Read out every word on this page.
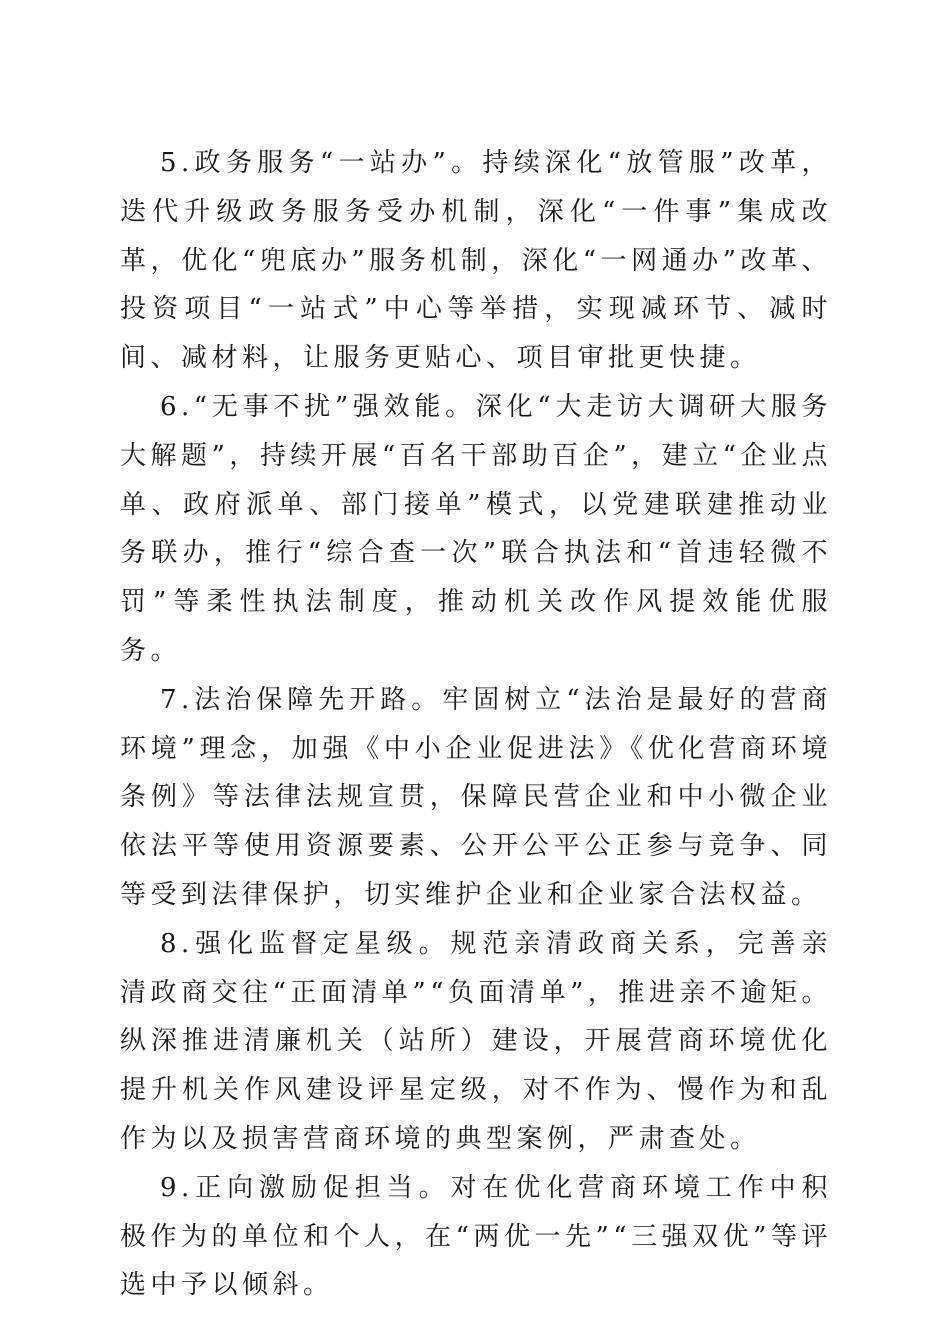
5.政务服务“一站办”。持续深化“放管服”改革，迭代升级政务服务受办机制，深化“一件事”集成改革，优化“兜底办”服务机制，深化“一网通办”改革、投资项目“一站式”中心等举措，实现减环节、减时间、减材料，让服务更贴心、项目审批更快捷。

6.“无事不扰”强效能。深化“大走访大调研大服务大解题”，持续开展“百名干部助百企”，建立“企业点单、政府派单、部门接单”模式，以党建联建推动业务联办，推行“综合查一次”联合执法和“首违轻微不罚”等柔性执法制度，推动机关改作风提效能优服务。

7.法治保障先开路。牢固树立“法治是最好的营商环境”理念，加强《中小企业促进法》《优化营商环境条例》等法律法规宣贯，保障民营企业和中小微企业依法平等使用资源要素、公开公平公正参与竞争、同等受到法律保护，切实维护企业和企业家合法权益。

8.强化监督定星级。规范亲清政商关系，完善亲清政商交往“正面清单”“负面清单”，推进亲不逾矩。纵深推进清廉机关（站所）建设，开展营商环境优化提升机关作风建设评星定级，对不作为、慢作为和乱作为以及损害营商环境的典型案例，严肃查处。

9.正向激励促担当。对在优化营商环境工作中积极作为的单位和个人，在“两优一先”“三强双优”等评选中予以倾斜。
